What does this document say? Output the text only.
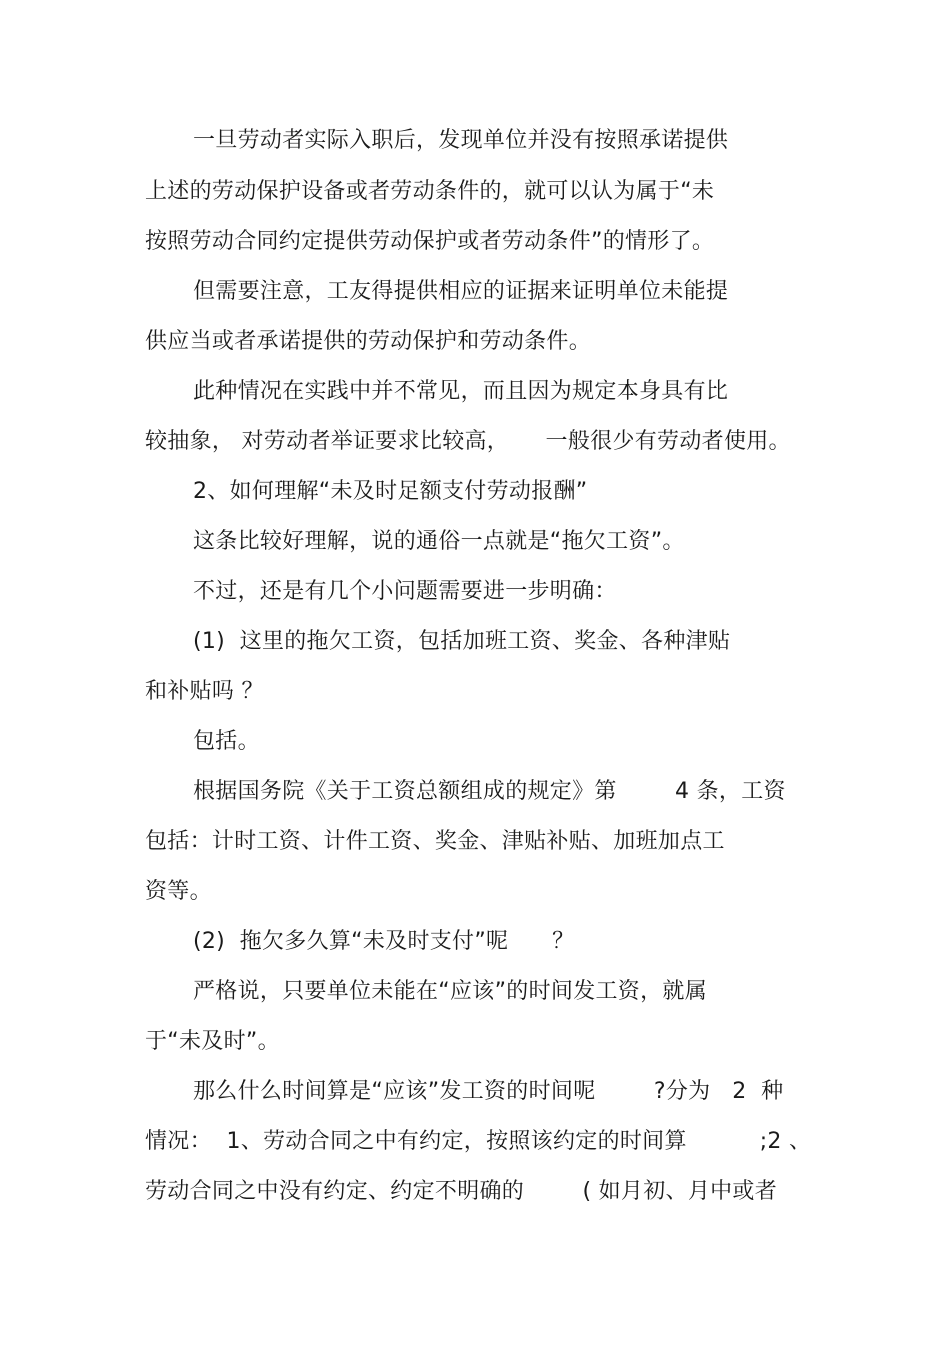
一旦劳动者实际入职后，发现单位并没有按照承诺提供
上述的劳动保护设备或者劳动条件的，就可以认为属于“未
按照劳动合同约定提供劳动保护或者劳动条件”的情形了。
但需要注意，工友得提供相应的证据来证明单位未能提
供应当或者承诺提供的劳动保护和劳动条件。
此种情况在实践中并不常见，而且因为规定本身具有比
较抽象， 对劳动者举证要求比较高，     一般很少有劳动者使用。
2、如何理解“未及时足额支付劳动报酬”
这条比较好理解，说的通俗一点就是“拖欠工资”。
不过，还是有几个小问题需要进一步明确：
(1)  这里的拖欠工资，包括加班工资、奖金、各种津贴
和补贴吗 ？
包括。
根据国务院《关于工资总额组成的规定》第        4 条，工资
包括：计时工资、计件工资、奖金、津贴补贴、加班加点工
资等。
(2)  拖欠多久算“未及时支付”呢      ？
严格说，只要单位未能在“应该”的时间发工资，就属
于“未及时”。
那么什么时间算是“应该”发工资的时间呢        ?分为   2  种
情况：  1、劳动合同之中有约定，按照该约定的时间算          ;2 、
劳动合同之中没有约定、约定不明确的        ( 如月初、月中或者
